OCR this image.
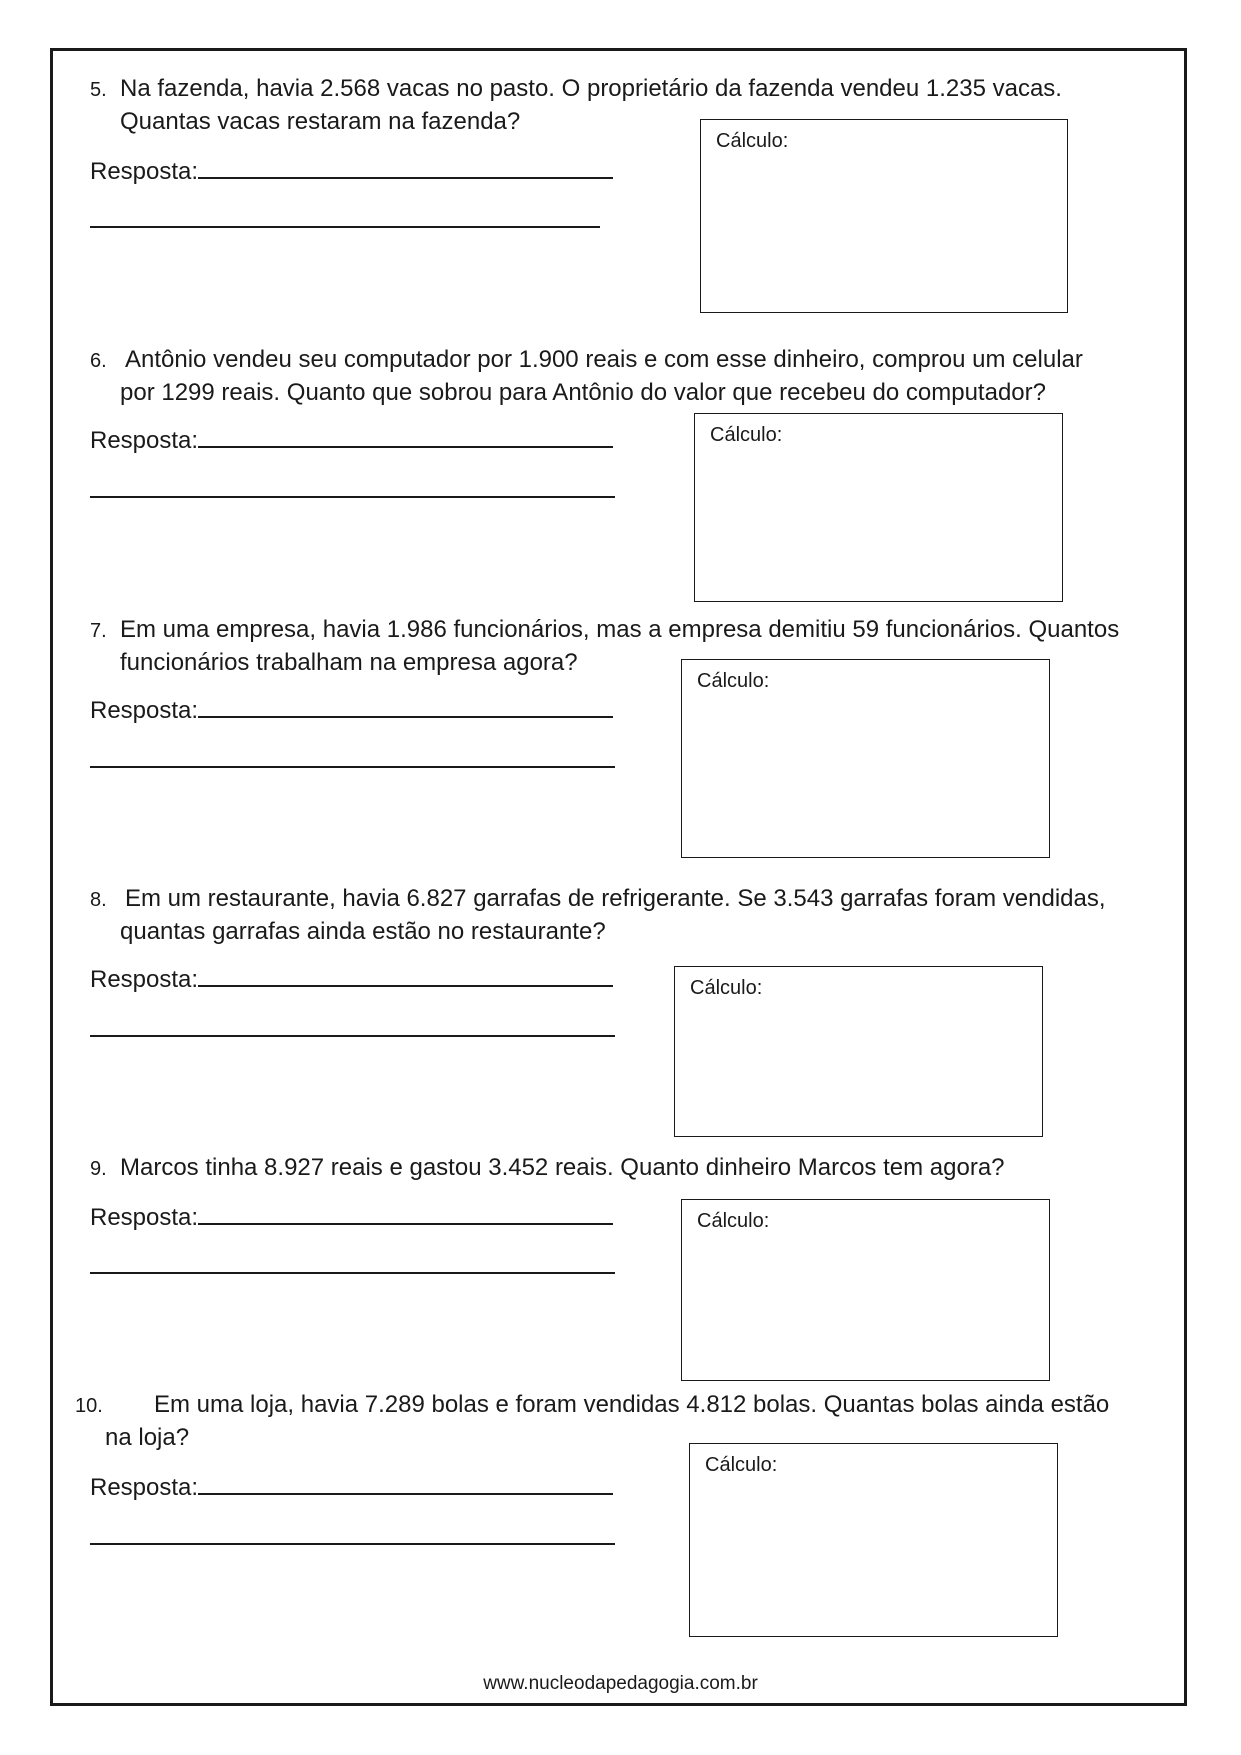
5. Na fazenda, havia 2.568 vacas no pasto. O proprietário da fazenda vendeu 1.235 vacas.
Quantas vacas restaram na fazenda?
Resposta:
Cálculo:
6. Antônio vendeu seu computador por 1.900 reais e com esse dinheiro, comprou um celular
por 1299 reais. Quanto que sobrou para Antônio do valor que recebeu do computador?
Resposta:	Cálculo:
7. Em uma empresa, havia 1.986 funcionários, mas a empresa demitiu 59 funcionários. Quantos
funcionários trabalham na empresa agora?
Resposta:
Cálculo:
8. Em um restaurante, havia 6.827 garrafas de refrigerante. Se 3.543 garrafas foram vendidas,
quantas garrafas ainda estão no restaurante?
Resposta:	Cálculo:
9. Marcos tinha 8.927 reais e gastou 3.452 reais. Quanto dinheiro Marcos tem agora?
Resposta:	Cálculo:
10. Em uma loja, havia 7.289 bolas e foram vendidas 4.812 bolas. Quantas bolas ainda estão
na loja?
Resposta:
Cálculo:
www.nucleodapedagogia.com.br
